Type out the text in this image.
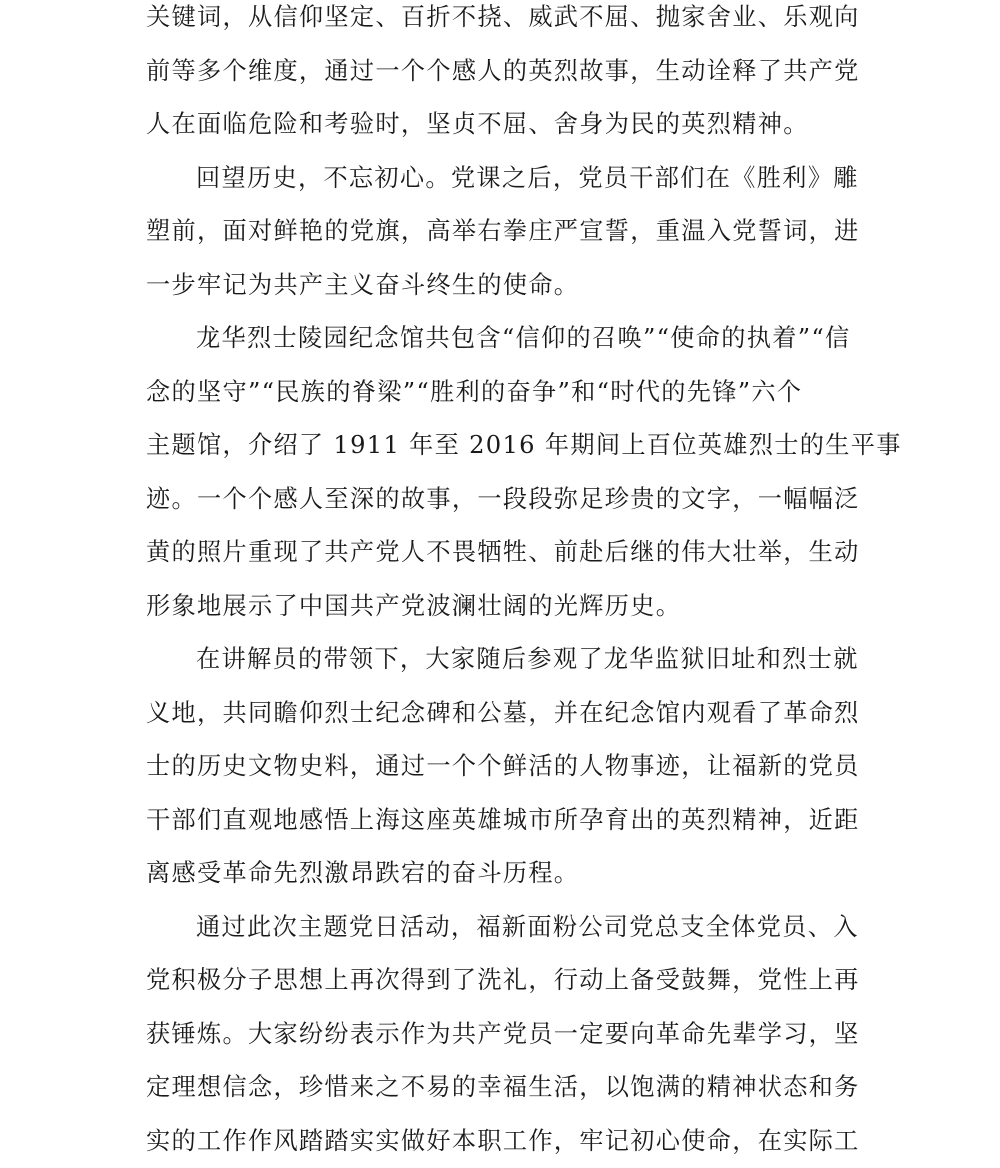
关键词，从信仰坚定、百折不挠、威武不屈、抛家舍业、乐观向
前等多个维度，通过一个个感人的英烈故事，生动诠释了共产党
人在面临危险和考验时，坚贞不屈、舍身为民的英烈精神。
回望历史，不忘初心。党课之后，党员干部们在《胜利》雕
塑前，面对鲜艳的党旗，高举右拳庄严宣誓，重温入党誓词，进
一步牢记为共产主义奋斗终生的使命。
龙华烈士陵园纪念馆共包含“信仰的召唤”“使命的执着”“信
念的坚守”“民族的脊梁”“胜利的奋争”和“时代的先锋”六个
主题馆，介绍了 1911 年至 2016 年期间上百位英雄烈士的生平事
迹。一个个感人至深的故事，一段段弥足珍贵的文字，一幅幅泛
黄的照片重现了共产党人不畏牺牲、前赴后继的伟大壮举，生动
形象地展示了中国共产党波澜壮阔的光辉历史。
在讲解员的带领下，大家随后参观了龙华监狱旧址和烈士就
义地，共同瞻仰烈士纪念碑和公墓，并在纪念馆内观看了革命烈
士的历史文物史料，通过一个个鲜活的人物事迹，让福新的党员
干部们直观地感悟上海这座英雄城市所孕育出的英烈精神，近距
离感受革命先烈激昂跌宕的奋斗历程。
通过此次主题党日活动，福新面粉公司党总支全体党员、入
党积极分子思想上再次得到了洗礼，行动上备受鼓舞，党性上再
获锤炼。大家纷纷表示作为共产党员一定要向革命先辈学习，坚
定理想信念，珍惜来之不易的幸福生活，以饱满的精神状态和务
实的工作作风踏踏实实做好本职工作，牢记初心使命，在实际工
